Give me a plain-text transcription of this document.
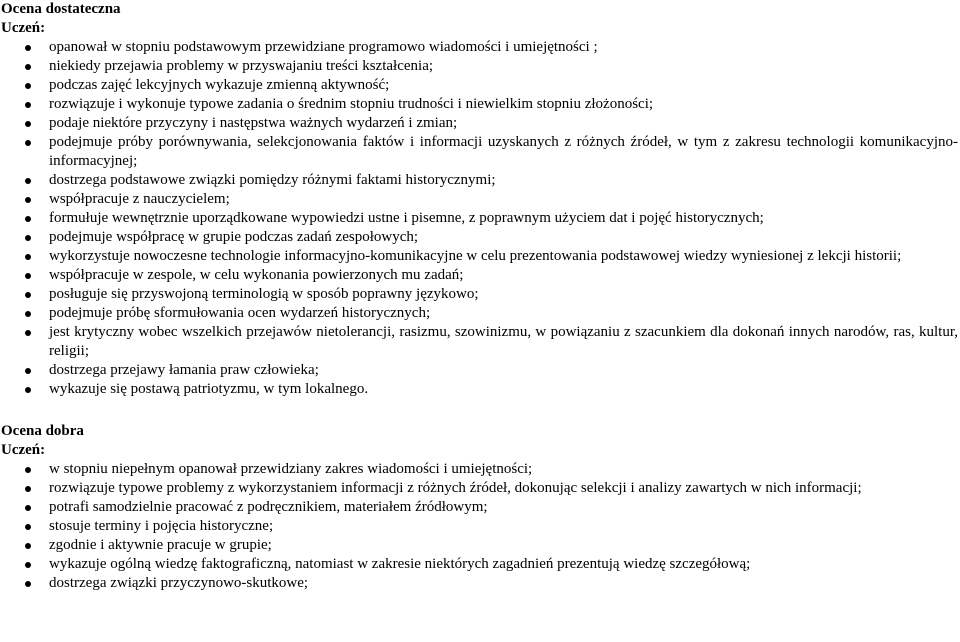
Ocena dostateczna
Uczeń:
opanował w stopniu podstawowym przewidziane programowo wiadomości i umiejętności ;
niekiedy przejawia problemy w przyswajaniu treści kształcenia;
podczas zajęć lekcyjnych wykazuje zmienną aktywność;
rozwiązuje i wykonuje typowe zadania o średnim stopniu trudności i niewielkim stopniu złożoności;
podaje niektóre przyczyny i następstwa ważnych wydarzeń i zmian;
podejmuje próby porównywania, selekcjonowania faktów i informacji uzyskanych z różnych źródeł, w tym z zakresu technologii komunikacyjno-informacyjnej;
dostrzega podstawowe związki pomiędzy różnymi faktami historycznymi;
współpracuje z nauczycielem;
formułuje wewnętrznie uporządkowane wypowiedzi ustne i pisemne, z poprawnym użyciem dat i pojęć historycznych;
podejmuje współpracę w grupie podczas zadań zespołowych;
wykorzystuje nowoczesne technologie informacyjno-komunikacyjne w celu prezentowania podstawowej wiedzy wyniesionej z lekcji historii;
współpracuje w zespole, w celu wykonania powierzonych mu zadań;
posługuje się przyswojoną terminologią w sposób poprawny językowo;
podejmuje próbę sformułowania ocen wydarzeń historycznych;
jest krytyczny wobec wszelkich przejawów nietolerancji, rasizmu, szowinizmu, w powiązaniu z szacunkiem dla dokonań innych narodów, ras, kultur, religii;
dostrzega przejawy łamania praw człowieka;
wykazuje się postawą patriotyzmu, w tym lokalnego.
Ocena dobra
Uczeń:
w stopniu niepełnym opanował przewidziany zakres wiadomości i umiejętności;
rozwiązuje typowe problemy z wykorzystaniem informacji z różnych źródeł, dokonując selekcji i analizy zawartych w nich informacji;
potrafi samodzielnie pracować z podręcznikiem, materiałem źródłowym;
stosuje terminy i pojęcia historyczne;
zgodnie i aktywnie pracuje w grupie;
wykazuje ogólną wiedzę faktograficzną, natomiast w zakresie niektórych zagadnień prezentują wiedzę szczegółową;
dostrzega związki przyczynowo-skutkowe;
